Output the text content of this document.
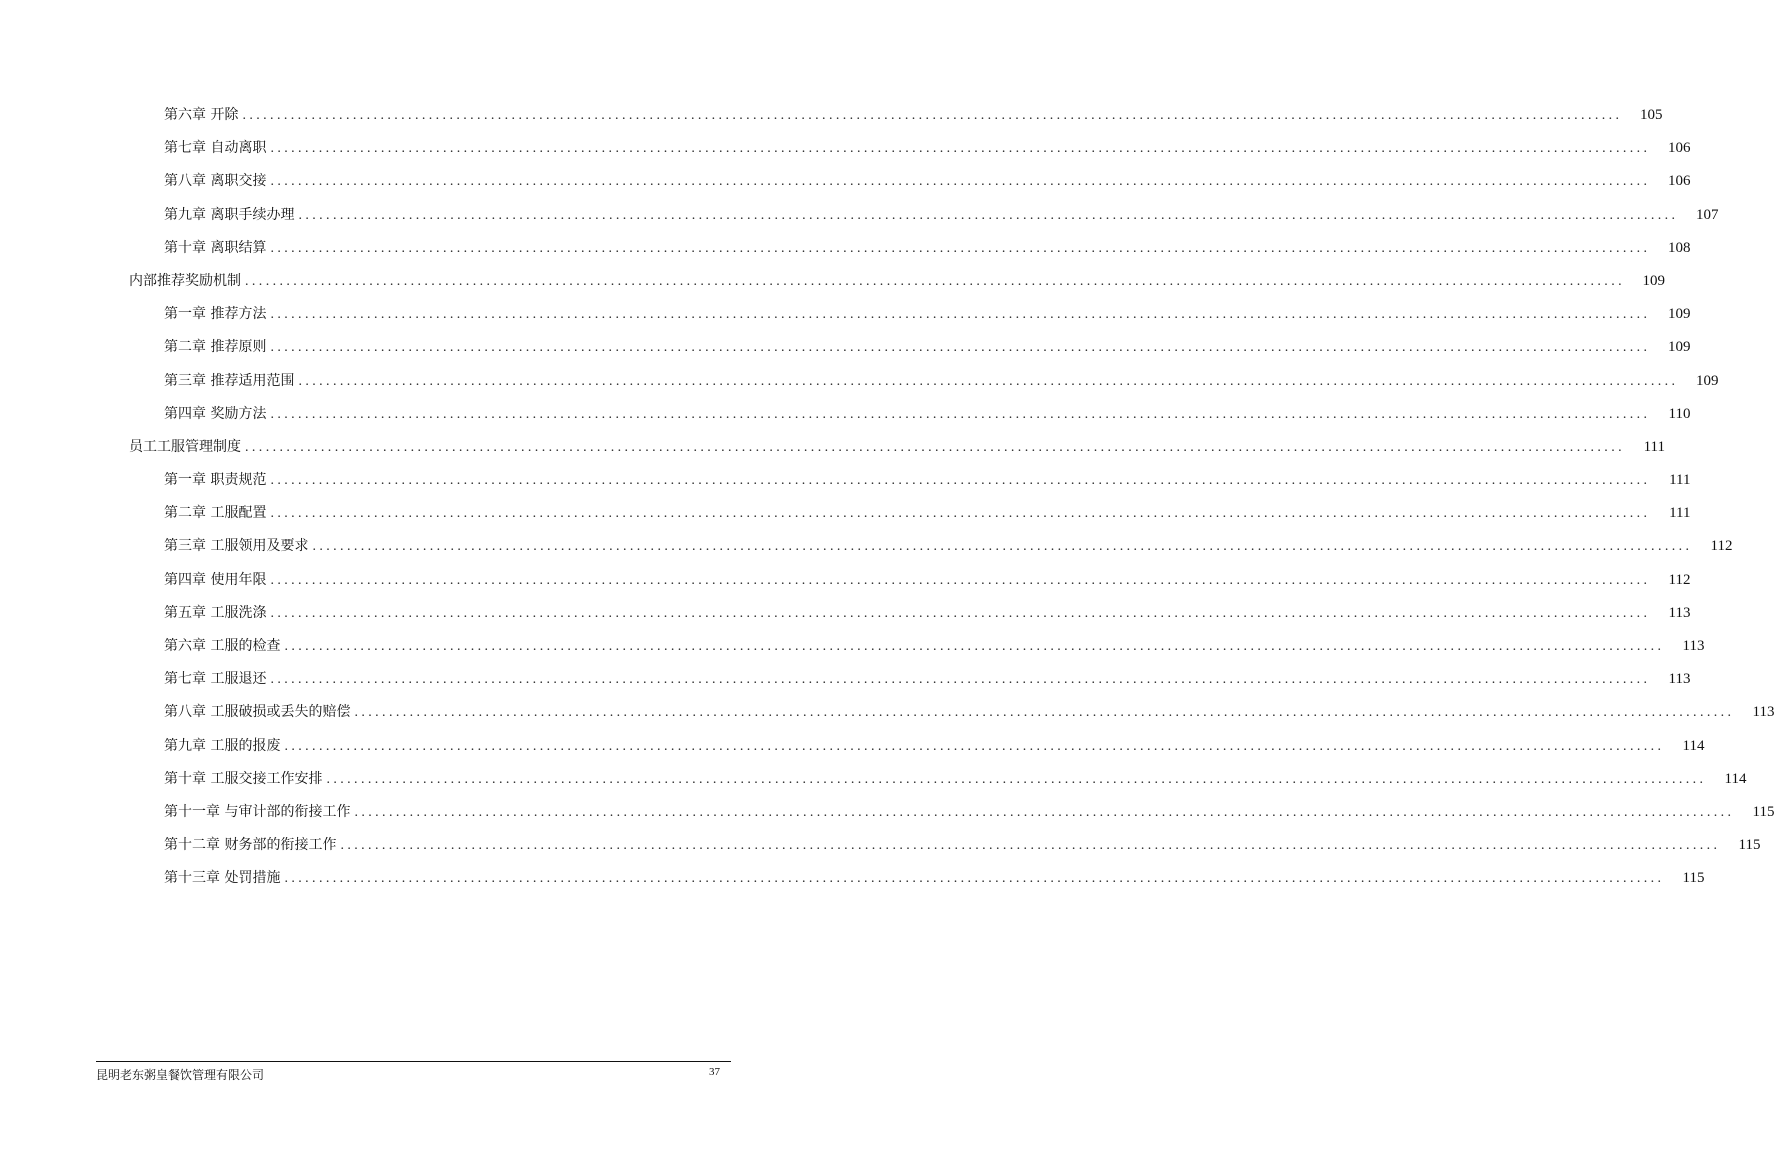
第六章 开除 ........................................................................................................................................................................................................	105
第七章 自动离职 ........................................................................................................................................................................................................	106
第八章 离职交接 ........................................................................................................................................................................................................	106
第九章 离职手续办理 ........................................................................................................................................................................................................	107
第十章 离职结算 ........................................................................................................................................................................................................	108
内部推荐奖励机制 ........................................................................................................................................................................................................	109
第一章 推荐方法 ........................................................................................................................................................................................................	109
第二章 推荐原则 ........................................................................................................................................................................................................	109
第三章 推荐适用范围 ........................................................................................................................................................................................................	109
第四章 奖励方法 ........................................................................................................................................................................................................	110
员工工服管理制度 ........................................................................................................................................................................................................	111
第一章 职责规范 ........................................................................................................................................................................................................	111
第二章 工服配置 ........................................................................................................................................................................................................	111
第三章 工服领用及要求 ........................................................................................................................................................................................................	112
第四章 使用年限 ........................................................................................................................................................................................................	112
第五章 工服洗涤 ........................................................................................................................................................................................................	113
第六章 工服的检查 ........................................................................................................................................................................................................	113
第七章 工服退还 ........................................................................................................................................................................................................	113
第八章 工服破损或丢失的赔偿 ........................................................................................................................................................................................................	113
第九章 工服的报废 ........................................................................................................................................................................................................	114
第十章 工服交接工作安排 ........................................................................................................................................................................................................	114
第十一章 与审计部的衔接工作 ........................................................................................................................................................................................................	115
第十二章 财务部的衔接工作 ........................................................................................................................................................................................................	115
第十三章 处罚措施 ........................................................................................................................................................................................................	115
昆明老东粥皇餐饮管理有限公司	37
